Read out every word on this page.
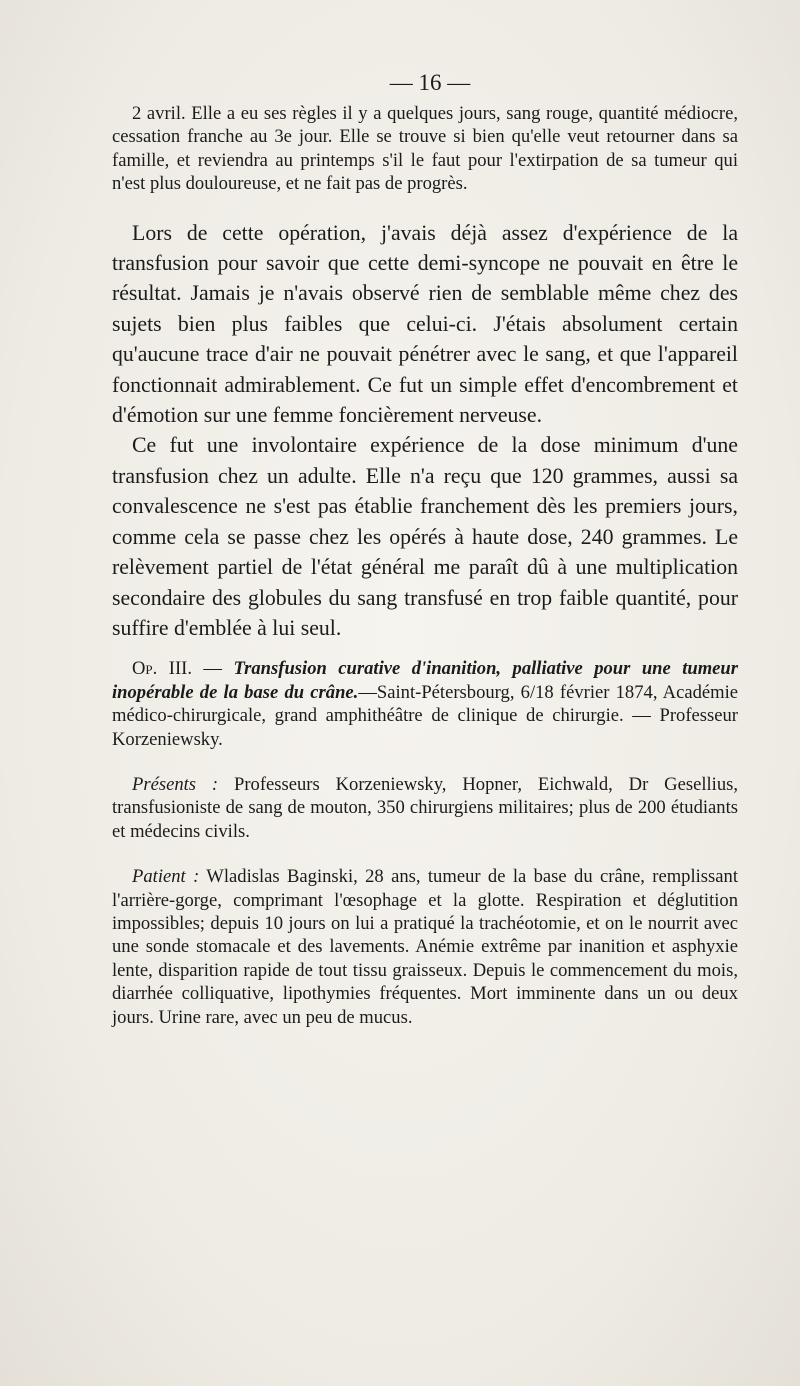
— 16 —

2 avril. Elle a eu ses règles il y a quelques jours, sang rouge, quantité médiocre, cessation franche au 3e jour. Elle se trouve si bien qu'elle veut retourner dans sa famille, et reviendra au printemps s'il le faut pour l'extirpation de sa tumeur qui n'est plus douloureuse, et ne fait pas de progrès.

Lors de cette opération, j'avais déjà assez d'expérience de la transfusion pour savoir que cette demi-syncope ne pouvait en être le résultat. Jamais je n'avais observé rien de semblable même chez des sujets bien plus faibles que celui-ci. J'étais absolument certain qu'aucune trace d'air ne pouvait pénétrer avec le sang, et que l'appareil fonctionnait admirablement. Ce fut un simple effet d'encombrement et d'émotion sur une femme foncièrement nerveuse.

Ce fut une involontaire expérience de la dose minimum d'une transfusion chez un adulte. Elle n'a reçu que 120 grammes, aussi sa convalescence ne s'est pas établie franchement dès les premiers jours, comme cela se passe chez les opérés à haute dose, 240 grammes. Le relèvement partiel de l'état général me paraît dû à une multiplication secondaire des globules du sang transfusé en trop faible quantité, pour suffire d'emblée à lui seul.

Op. III. — Transfusion curative d'inanition, palliative pour une tumeur inopérable de la base du crâne.—Saint-Pétersbourg, 6/18 février 1874, Académie médico-chirurgicale, grand amphithéâtre de clinique de chirurgie. — Professeur Korzeniewsky.

Présents : Professeurs Korzeniewsky, Hopner, Eichwald, Dr Gesellius, transfusioniste de sang de mouton, 350 chirurgiens militaires; plus de 200 étudiants et médecins civils.

Patient : Wladislas Baginski, 28 ans, tumeur de la base du crâne, remplissant l'arrière-gorge, comprimant l'œsophage et la glotte. Respiration et déglutition impossibles; depuis 10 jours on lui a pratiqué la trachéotomie, et on le nourrit avec une sonde stomacale et des lavements. Anémie extrême par inanition et asphyxie lente, disparition rapide de tout tissu graisseux. Depuis le commencement du mois, diarrhée colliquative, lipothymies fréquentes. Mort imminente dans un ou deux jours. Urine rare, avec un peu de mucus.
